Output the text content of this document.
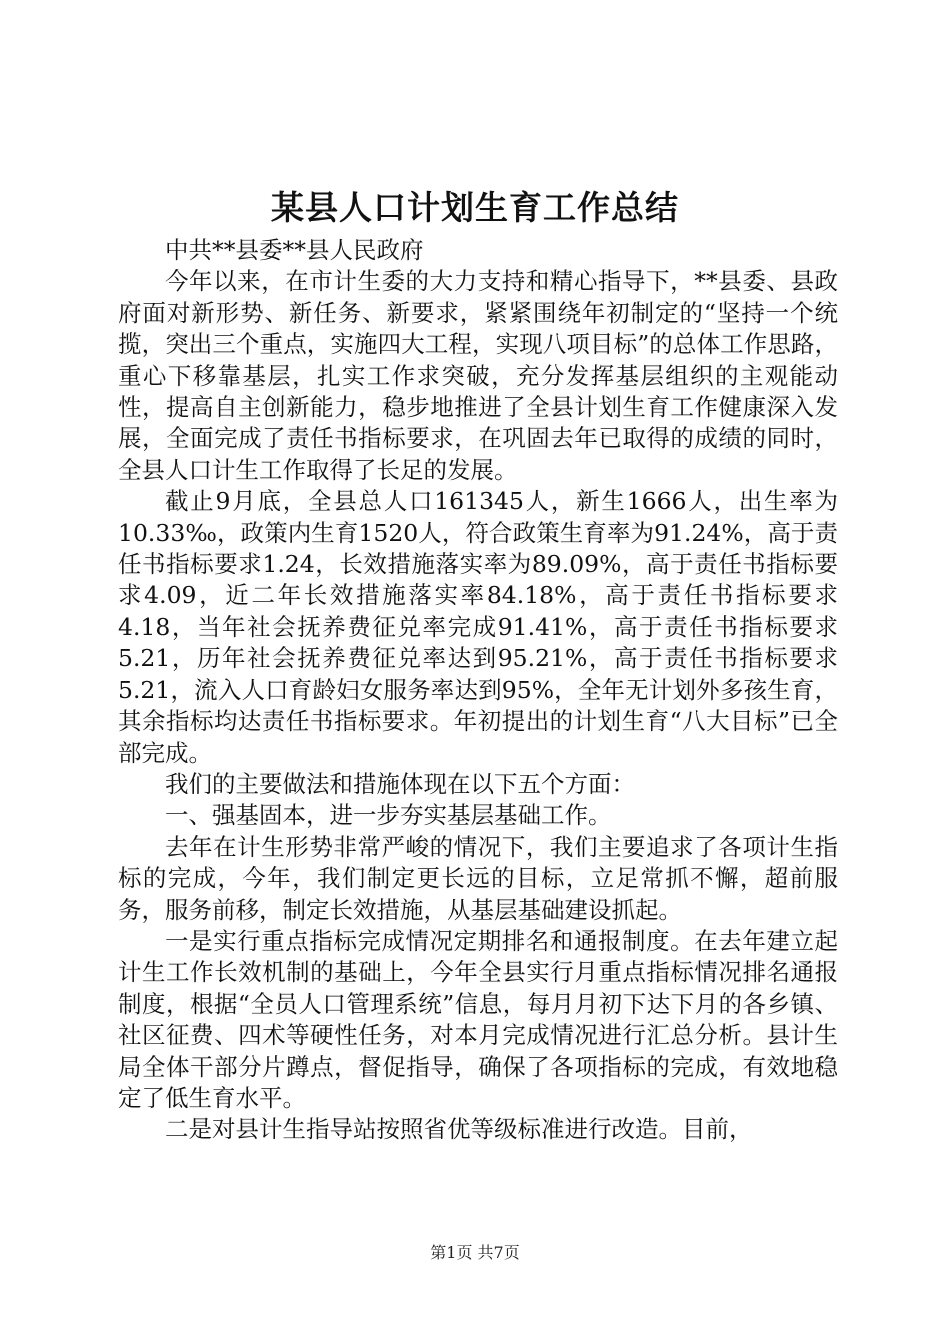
某县人口计划生育工作总结

中共**县委**县人民政府

今年以来，在市计生委的大力支持和精心指导下，**县委、县政府面对新形势、新任务、新要求，紧紧围绕年初制定的“坚持一个统揽，突出三个重点，实施四大工程，实现八项目标”的总体工作思路，重心下移靠基层，扎实工作求突破，充分发挥基层组织的主观能动性，提高自主创新能力，稳步地推进了全县计划生育工作健康深入发展，全面完成了责任书指标要求，在巩固去年已取得的成绩的同时，全县人口计生工作取得了长足的发展。

截止9月底，全县总人口161345人，新生1666人，出生率为10.33‰，政策内生育1520人，符合政策生育率为91.24%，高于责任书指标要求1.24，长效措施落实率为89.09%，高于责任书指标要求4.09，近二年长效措施落实率84.18%，高于责任书指标要求4.18，当年社会抚养费征兑率完成91.41%，高于责任书指标要求5.21，历年社会抚养费征兑率达到95.21%，高于责任书指标要求5.21，流入人口育龄妇女服务率达到95%，全年无计划外多孩生育，其余指标均达责任书指标要求。年初提出的计划生育“八大目标”已全部完成。

我们的主要做法和措施体现在以下五个方面：

一、强基固本，进一步夯实基层基础工作。

去年在计生形势非常严峻的情况下，我们主要追求了各项计生指标的完成，今年，我们制定更长远的目标，立足常抓不懈，超前服务，服务前移，制定长效措施，从基层基础建设抓起。

一是实行重点指标完成情况定期排名和通报制度。在去年建立起计生工作长效机制的基础上，今年全县实行月重点指标情况排名通报制度，根据“全员人口管理系统”信息，每月月初下达下月的各乡镇、社区征费、四术等硬性任务，对本月完成情况进行汇总分析。县计生局全体干部分片蹲点，督促指导，确保了各项指标的完成，有效地稳定了低生育水平。

二是对县计生指导站按照省优等级标准进行改造。目前，

第1页 共7页
